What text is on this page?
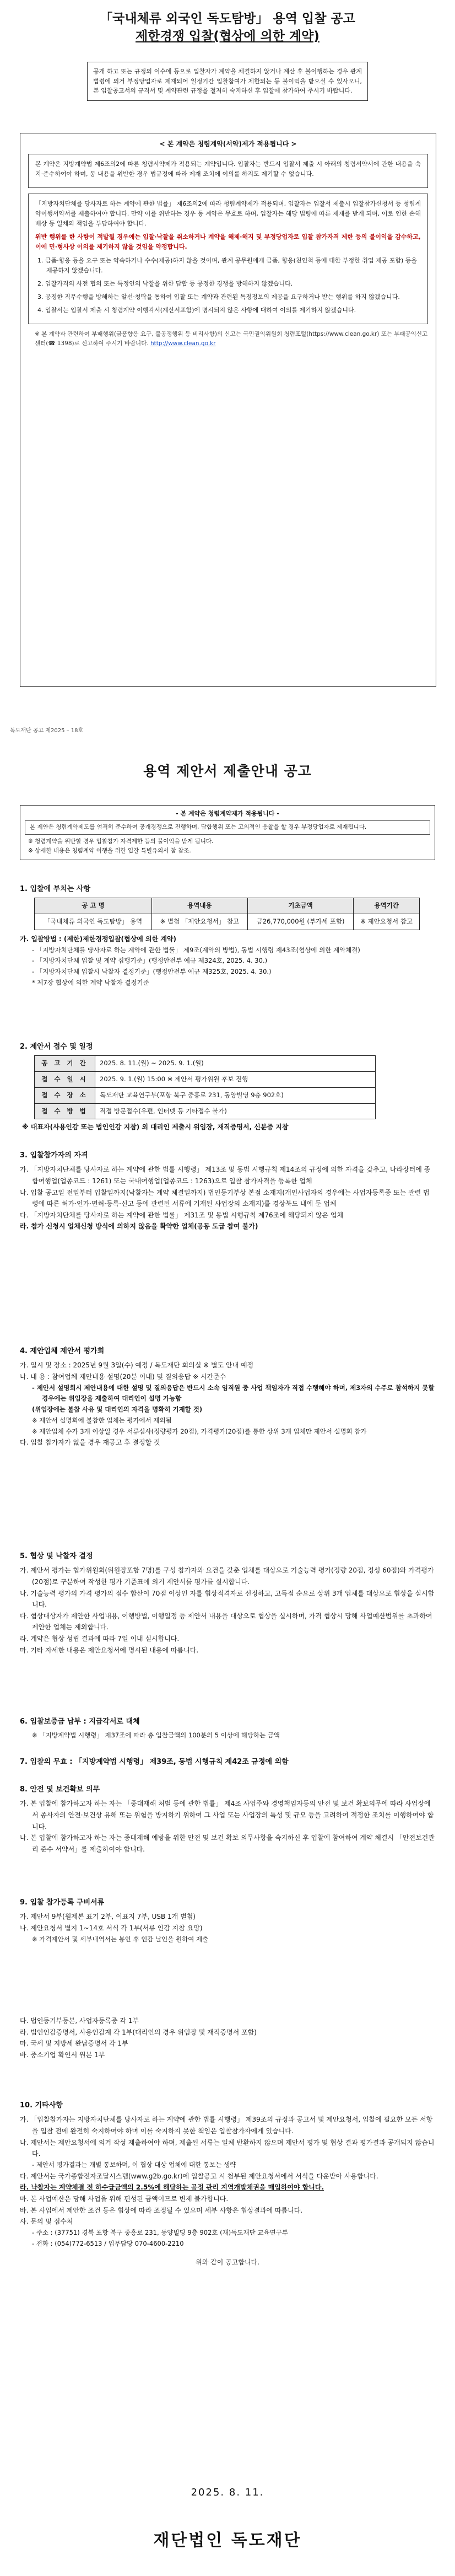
「국내체류 외국인 독도탐방」 용역 입찰 공고
제한경쟁 입찰(협상에 의한 계약)
공개 하고 또는 규정의 이수에 등으로 입찰자가 계약을 체결하지 않거나 계산 후 불이행하는 경우 관계법령에 의거 부정당업자로 제재되어 일정기간 입찰참여가 제한되는 등 불이익을 받으실 수 있사오니, 본 입찰공고서의 규격서 및 계약관련 규정을 철저히 숙지하신 후 입찰에 참가하여 주시기 바랍니다.
< 본 계약은 청렴계약(서약)제가 적용됩니다 >

본 계약은 지방계약법 제6조의2에 따른 청렴서약제가 적용되는 계약입니다. 입찰자는 반드시 입찰서 제출 시 아래의 청렴서약서에 관한 내용을 숙지·준수하여야 하며, 동 내용을 위반한 경우 법규정에 따라 제재 조치에 이의를 하지도 제기할 수 없습니다.

「지방자치단체를 당사자로 하는 계약에 관한 법률」 제6조의2에 따라 청렴계약제가 적용되며, 입찰자는 입찰서 제출시 입찰참가신청서 등 청렴계약이행서약서를 제출하여야 합니다. 만약 이를 위반하는 경우 동 계약은 무효로 하며, 입찰자는 해당 법령에 따른 제재를 받게 되며, 이로 인한 손해배상 등 일체의 책임을 부담하여야 합니다.

위반 행위를 한 사항이 적발될 경우에는 입찰·낙찰을 취소하거나 계약을 해제·해지 및 부정당업자로 입찰 참가자격 제한 등의 불이익을 감수하고, 이에 민·형사상 이의를 제기하지 않을 것임을 약정합니다.

1. 금품·향응 등을 요구 또는 약속하거나 수수(제공)하지 않을 것이며, 관계 공무원에게 금품, 향응(친인척 등에 대한 부정한 취업 제공 포함) 등을 제공하지 않겠습니다.
2. 입찰가격의 사전 협의 또는 특정인의 낙찰을 위한 담합 등 공정한 경쟁을 방해하지 않겠습니다.
3. 공정한 직무수행을 방해하는 알선·청탁을 통하여 입찰 또는 계약과 관련된 특정정보의 제공을 요구하거나 받는 행위를 하지 않겠습니다.
4. 입찰서는 입찰서 제출 시 청렴계약 이행각서(계산서포함)에 명시되지 않은 사항에 대하여 이의를 제기하지 않겠습니다.
※ 본 계약과 관련하여 부패행위(금품향응 요구, 불공정행위 등 비리사항)의 신고는 국민권익위원회 청렴포털(https://www.clean.go.kr) 또는 부패공익신고센터(☎ 1398)로 신고하여 주시기 바랍니다. http://www.clean.go.kr
독도재단 공고 제2025 – 18호
용역 제안서 제출안내 공고
- 본 계약은 청렴계약제가 적용됩니다 -
본 제안은 청렴계약제도를 엄격히 준수하여 공개경쟁으로 진행하며, 담합행위 또는 고의적인 응찰을 할 경우 부정당업자로 제재됩니다.
※ 청렴계약을 위반할 경우 입찰참가 자격제한 등의 불이익을 받게 됩니다.
※ 상세한 내용은 청렴계약 이행을 위한 입찰 특별유의서 참 참조.
1. 입찰에 부치는 사항
공 고 명	용역내용	기초금액	용역기간
「국내체류 외국인 독도탐방」 용역	※ 별첨 「제안요청서」 참고	금26,770,000원 (부가세 포함)	※ 제안요청서 참고
가. 입찰방법 : (제한)제한경쟁입찰(협상에 의한 계약)
- 「지방자치단체를 당사자로 하는 계약에 관한 법률」 제9조(계약의 방법), 동법 시행령 제43조(협상에 의한 계약체결)
- 「지방자치단체 입찰 및 계약 집행기준」(행정안전부 예규 제324호, 2025. 4. 30.)
- 「지방자치단체 입찰시 낙찰자 결정기준」(행정안전부 예규 제325호, 2025. 4. 30.)
* 제7장 협상에 의한 계약 낙찰자 결정기준
2. 제안서 접수 및 일정
공 고 기 간	2025. 8. 11.(월) ~ 2025. 9. 1.(월)
접 수 일 시	2025. 9. 1.(월) 15:00 ※ 제안서 평가위원 후보 진행
접 수 장 소	독도재단 교육연구부(포항 북구 중흥로 231, 동양빌딩 9층 902호)
접 수 방 법	직접 방문접수(우편, 인터넷 등 기타접수 불가)
※ 대표자(사용인감 또는 법인인감 지참) 외 대리인 제출시 위임장, 재직증명서, 신분증 지참
3. 입찰참가자의 자격
가. 「지방자치단체를 당사자로 하는 계약에 관한 법률 시행령」 제13조 및 동법 시행규칙 제14조의 규정에 의한 자격을 갖추고, 나라장터에 종합여행업(업종코드 : 1261) 또는 국내여행업(업종코드 : 1263)으로 입찰 참가자격을 등록한 업체
나. 입찰 공고일 전일부터 입찰일까지(낙찰자는 계약 체결일까지) 법인등기부상 본점 소재지(개인사업자의 경우에는 사업자등록증 또는 관련 법령에 따른 허가·인가·면허·등록·신고 등에 관련된 서류에 기재된 사업장의 소재지)를 경상북도 내에 둔 업체
다. 「지방자치단체를 당사자로 하는 계약에 관한 법률」 제31조 및 동법 시행규칙 제76조에 해당되지 않은 업체
라. 참가 신청시 업체신청 방식에 의하지 않음을 확약한 업체(공동 도급 참여 불가)
4. 제안업체 제안서 평가회
가. 일시 및 장소 : 2025년 9월 3일(수) 예정 / 독도재단 회의실 ※ 별도 안내 예정
나. 내 용 : 참여업체 제안내용 설명(20분 이내) 및 질의응답 ※ 시간준수
- 제안서 설명회시 제안내용에 대한 설명 및 질의응답은 반드시 소속 임직원 중 사업 책임자가 직접 수행해야 하며, 제3자의 수주로 참석하지 못할 경우에는 위임장을 제출하여 대리인이 설명 가능함
(위임장에는 불참 사유 및 대리인의 자격을 명확히 기재할 것)
※ 제안서 설명회에 불참한 업체는 평가에서 제외됨
※ 제안업체 수가 3개 이상일 경우 서류심사(정량평가 20점), 가격평가(20점)를 통한 상위 3개 업체만 제안서 설명회 참가
다. 입찰 참가자가 없을 경우 재공고 후 결정할 것
5. 협상 및 낙찰자 결정
가. 제안서 평가는 협가위원회(위원장포함 7명)를 구성 참가자와 요건을 갖춘 업체를 대상으로 기술능력 평가(정량 20점, 정성 60점)와 가격평가(20점)로 구분하여 작성한 평가 기준표에 의거 제안서를 평가를 실시합니다.
나. 기술능력 평가의 가격 평가의 점수 합산이 70점 이상인 자를 협상적격자로 선정하고, 고득점 순으로 상위 3개 업체를 대상으로 협상을 실시합니다.
다. 협상대상자가 제안한 사업내용, 이행방법, 이행일정 등 제안서 내용을 대상으로 협상을 실시하며, 가격 협상시 당해 사업예산범위를 초과하여 제안한 업체는 제외합니다.
라. 계약은 협상 성립 결과에 따라 7일 이내 실시합니다.
마. 기타 자세한 내용은 제안요청서에 명시된 내용에 따릅니다.
6. 입찰보증금 납부 : 지급각서로 대체
※ 「지방계약법 시행령」 제37조에 따라 총 입찰금액의 100분의 5 이상에 해당하는 금액
7. 입찰의 무효 : 「지방계약법 시행령」 제39조, 동법 시행규칙 제42조 규정에 의함
8. 안전 및 보건확보 의무
가. 본 입찰에 참가하고자 하는 자는 「중대재해 처벌 등에 관한 법률」 제4조 사업주와 경영책임자등의 안전 및 보건 확보의무에 따라 사업장에서 종사자의 안전·보건상 유해 또는 위험을 방지하기 위하여 그 사업 또는 사업장의 특성 및 규모 등을 고려하여 적정한 조치를 이행하여야 합니다.
나. 본 입찰에 참가하고자 하는 자는 중대재해 예방을 위한 안전 및 보건 확보 의무사항을 숙지하신 후 입찰에 참여하여 계약 체결시 「안전보건관리 준수 서약서」를 제출하여야 합니다.
9. 입찰 참가등록 구비서류
가. 제안서 9부(원제본 표기 2부, 이표지 7부, USB 1개 별첨)
나. 제안요청서 별지 1~14호 서식 각 1부(서류 인감 지참 요망)
※ 가격제안서 및 세부내역서는 봉인 후 인감 날인을 원하여 제출
다. 법인등기부등본, 사업자등록증 각 1부
라. 법인인감증명서, 사용인감계 각 1부(대리인의 경우 위임장 및 재직증명서 포함)
마. 국세 및 지방세 완납증명서 각 1부
바. 중소기업 확인서 원본 1부
10. 기타사항
가. 「입찰참가자는 지방자치단체를 당사자로 하는 계약에 관한 법률 시행령」 제39조의 규정과 공고서 및 제안요청서, 입찰에 필요한 모든 서항을 입찰 전에 완전히 숙지하여야 하며 이를 숙지하지 못한 책임은 입찰참가자에게 있습니다.
나. 제안서는 제안요청서에 의거 작성 제출하여야 하며, 제출된 서류는 일체 반환하지 않으며 제안서 평가 및 협상 결과 평가결과 공개되지 않습니다.
- 제안서 평가결과는 개별 통보하며, 이 협상 대상 업체에 대한 통보는 생략
다. 제안서는 국가종합전자조달시스템(www.g2b.go.kr)에 입찰공고 시 첨부된 제안요청서에서 서식을 다운받아 사용합니다.
라. 낙찰자는 계약체결 전 하수급금액의 2.5%에 해당하는 공정 관리 지역개발채권을 매입하여야 합니다.
마. 본 사업예산은 당해 사업을 위해 편성된 금액이므로 변제 불가합니다.
바. 본 사업에서 제안한 조건 등은 협상에 따라 조정될 수 있으며 세부 사항은 협상결과에 따릅니다.
사. 문의 및 접수처
- 주소 : (37751) 경북 포항 북구 중흥로 231, 동양빌딩 9층 902호 (재)독도재단 교육연구부
- 전화 : (054)772-6513 / 입무담당 070-4600-2210
위와 같이 공고합니다.
2025. 8. 11.
재단법인 독도재단
